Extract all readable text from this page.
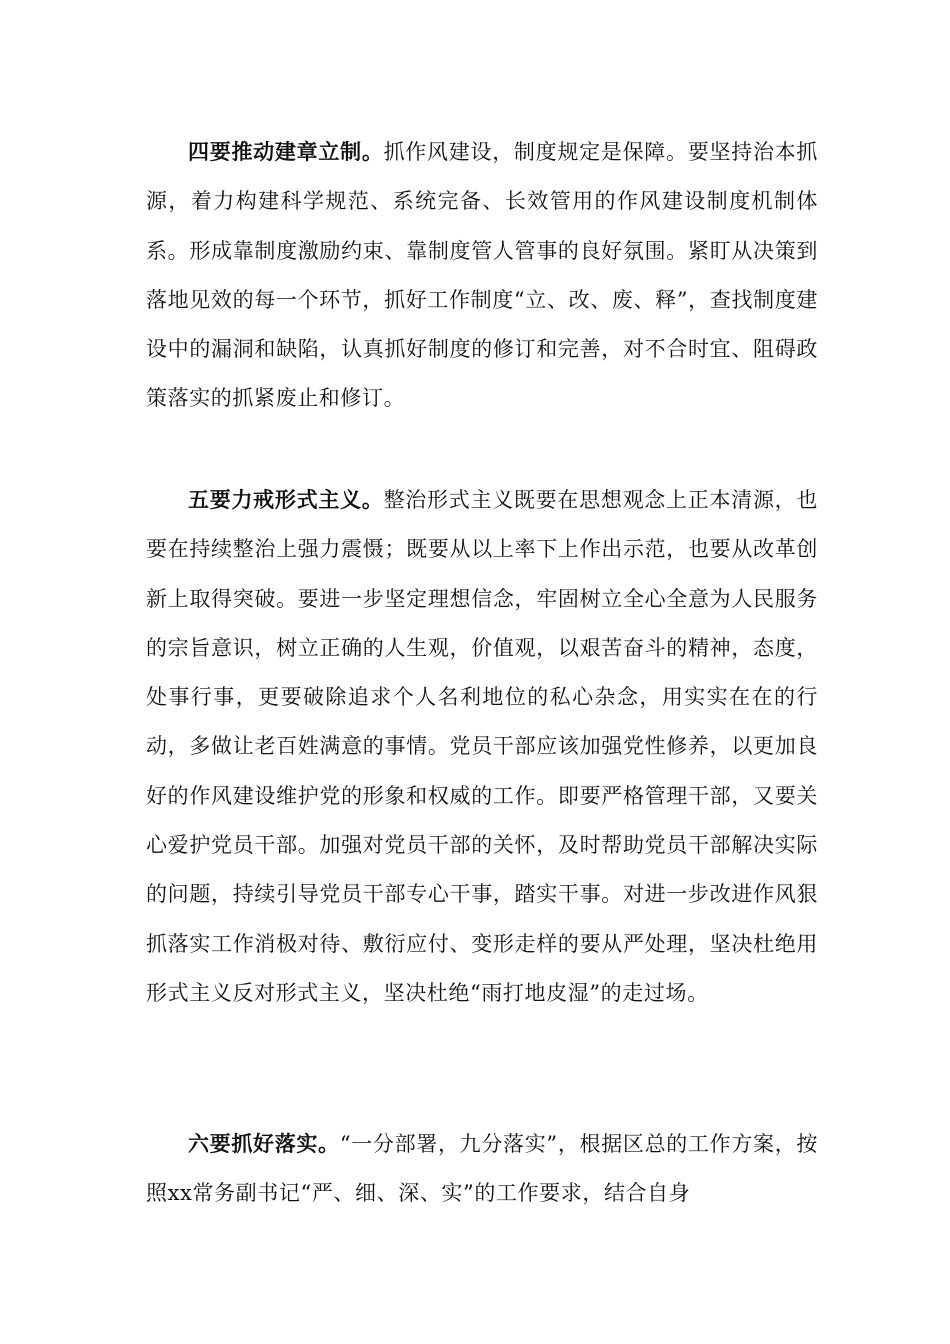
四要推动建章立制。抓作风建设，制度规定是保障。要坚持治本抓源，着力构建科学规范、系统完备、长效管用的作风建设制度机制体系。形成靠制度激励约束、靠制度管人管事的良好氛围。紧盯从决策到落地见效的每一个环节，抓好工作制度“立、改、废、释”，查找制度建设中的漏洞和缺陷，认真抓好制度的修订和完善，对不合时宜、阻碍政策落实的抓紧废止和修订。

五要力戒形式主义。整治形式主义既要在思想观念上正本清源，也要在持续整治上强力震慑；既要从以上率下上作出示范，也要从改革创新上取得突破。要进一步坚定理想信念，牢固树立全心全意为人民服务的宗旨意识，树立正确的人生观，价值观，以艰苦奋斗的精神，态度，处事行事，更要破除追求个人名利地位的私心杂念，用实实在在的行动，多做让老百姓满意的事情。党员干部应该加强党性修养，以更加良好的作风建设维护党的形象和权威的工作。即要严格管理干部，又要关心爱护党员干部。加强对党员干部的关怀，及时帮助党员干部解决实际的问题，持续引导党员干部专心干事，踏实干事。对进一步改进作风狠抓落实工作消极对待、敷衍应付、变形走样的要从严处理，坚决杜绝用形式主义反对形式主义，坚决杜绝“雨打地皮湿”的走过场。

六要抓好落实。“一分部署，九分落实”，根据区总的工作方案，按照xx常务副书记“严、细、深、实”的工作要求，结合自身
